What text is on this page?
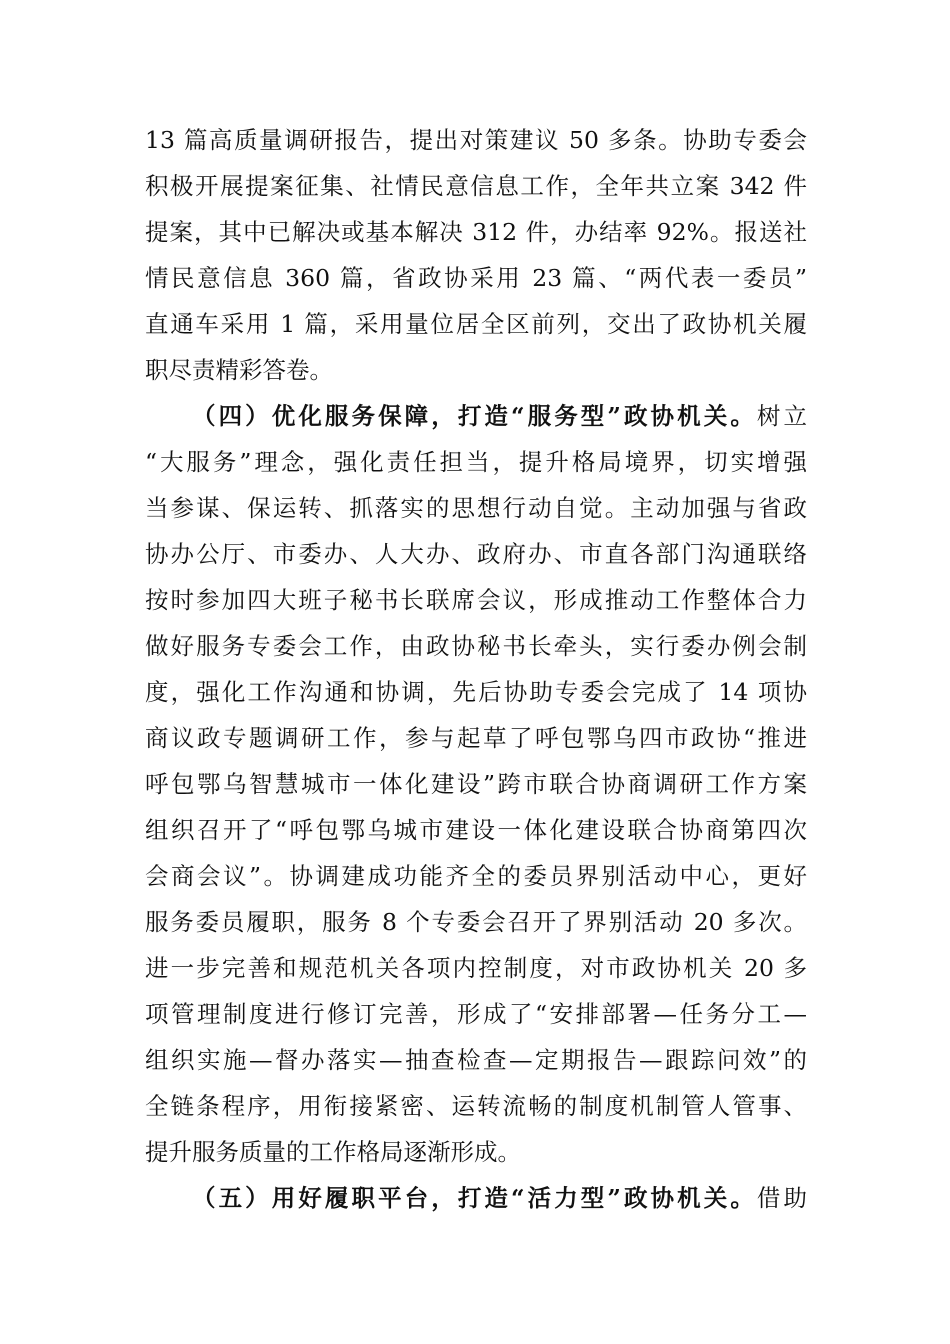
13 篇高质量调研报告，提出对策建议 50 多条。协助专委会
积极开展提案征集、社情民意信息工作，全年共立案 342 件
提案，其中已解决或基本解决 312 件，办结率 92%。报送社
情民意信息 360 篇，省政协采用 23 篇、“两代表一委员”
直通车采用 1 篇，采用量位居全区前列，交出了政协机关履
职尽责精彩答卷。
（四）优化服务保障，打造“服务型”政协机关。树立
“大服务”理念，强化责任担当，提升格局境界，切实增强
当参谋、保运转、抓落实的思想行动自觉。主动加强与省政
协办公厅、市委办、人大办、政府办、市直各部门沟通联络
按时参加四大班子秘书长联席会议，形成推动工作整体合力
做好服务专委会工作，由政协秘书长牵头，实行委办例会制
度，强化工作沟通和协调，先后协助专委会完成了 14 项协
商议政专题调研工作，参与起草了呼包鄂乌四市政协“推进
呼包鄂乌智慧城市一体化建设”跨市联合协商调研工作方案
组织召开了“呼包鄂乌城市建设一体化建设联合协商第四次
会商会议”。协调建成功能齐全的委员界别活动中心，更好
服务委员履职，服务 8 个专委会召开了界别活动 20 多次。
进一步完善和规范机关各项内控制度，对市政协机关 20 多
项管理制度进行修订完善，形成了“安排部署—任务分工—
组织实施—督办落实—抽查检查—定期报告—跟踪问效”的
全链条程序，用衔接紧密、运转流畅的制度机制管人管事、
提升服务质量的工作格局逐渐形成。
（五）用好履职平台，打造“活力型”政协机关。借助
